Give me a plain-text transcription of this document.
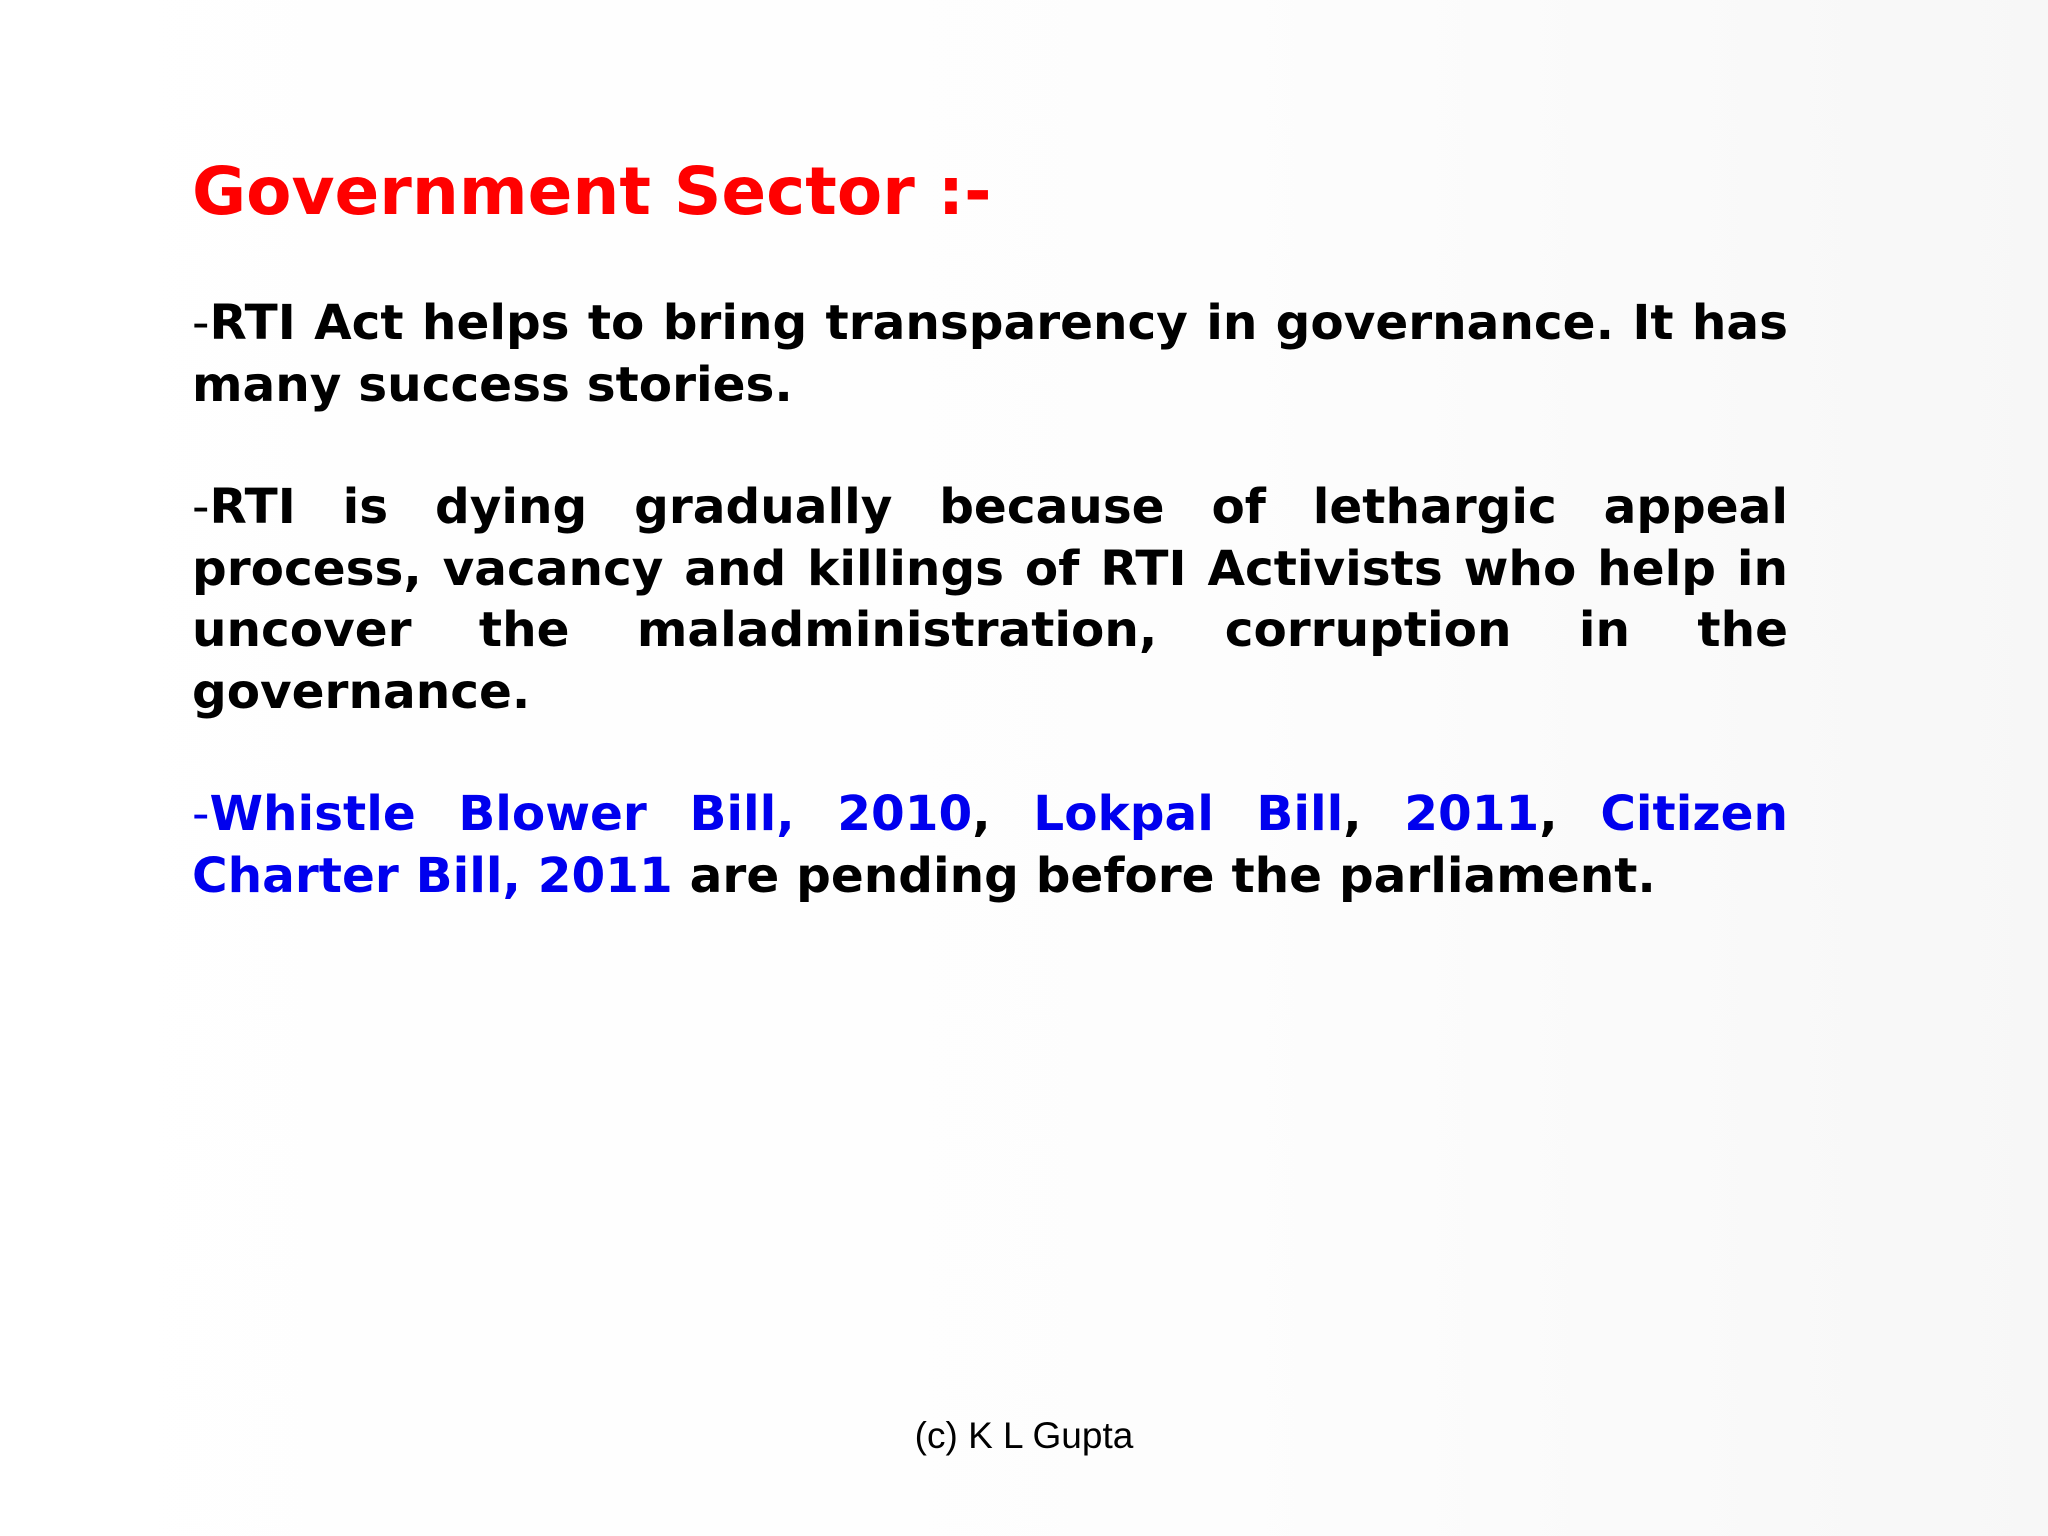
Government Sector :-

-RTI Act helps to bring transparency in governance. It has many success stories.

-RTI is dying gradually because of lethargic appeal process, vacancy and killings of RTI Activists who help in uncover the maladministration, corruption in the governance.

-Whistle Blower Bill, 2010, Lokpal Bill, 2011, Citizen Charter Bill, 2011 are pending before the parliament.

(c) K L Gupta
